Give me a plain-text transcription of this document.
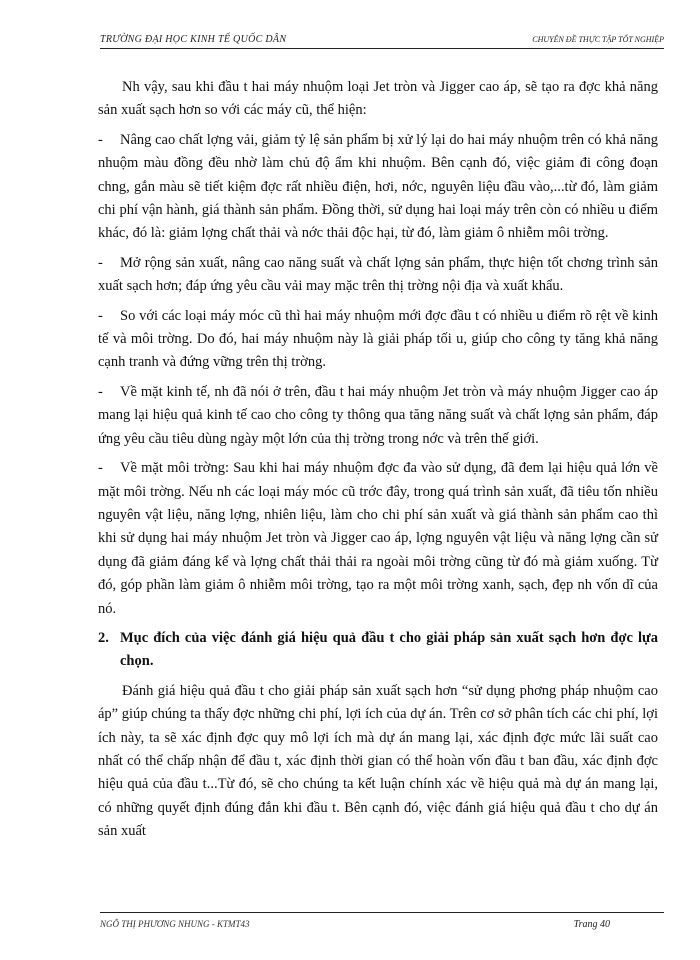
TRƯỜNG ĐẠI HỌC KINH TẾ QUỐC DÂN	CHUYÊN ĐỀ THỰC TẬP TỐT NGHIỆP

Nh vậy, sau khi đầu t hai máy nhuộm loại Jet tròn và Jigger cao áp, sẽ tạo ra đợc khả năng sản xuất sạch hơn so với các máy cũ, thể hiện:

- Nâng cao chất lợng vải, giảm tỷ lệ sản phẩm bị xử lý lại do hai máy nhuộm trên có khả năng nhuộm màu đồng đều nhờ làm chủ độ ẩm khi nhuộm. Bên cạnh đó, việc giảm đi công đoạn chng, gắn màu sẽ tiết kiệm đợc rất nhiều điện, hơi, nớc, nguyên liệu đầu vào,...từ đó, làm giảm chi phí vận hành, giá thành sản phẩm. Đồng thời, sử dụng hai loại máy trên còn có nhiều u điểm khác, đó là: giảm lợng chất thải và nớc thải độc hại, từ đó, làm giảm ô nhiễm môi trờng.

- Mở rộng sản xuất, nâng cao năng suất và chất lợng sản phẩm, thực hiện tốt chơng trình sản xuất sạch hơn; đáp ứng yêu cầu vải may mặc trên thị trờng nội địa và xuất khẩu.

- So với các loại máy móc cũ thì hai máy nhuộm mới đợc đầu t có nhiều u điểm rõ rệt về kinh tế và môi trờng. Do đó, hai máy nhuộm này là giải pháp tối u, giúp cho công ty tăng khả năng cạnh tranh và đứng vững trên thị trờng.

- Về mặt kinh tế, nh đã nói ở trên, đầu t hai máy nhuộm Jet tròn và máy nhuộm Jigger cao áp mang lại hiệu quả kinh tế cao cho công ty thông qua tăng năng suất và chất lợng sản phẩm, đáp ứng yêu cầu tiêu dùng ngày một lớn của thị trờng trong nớc và trên thế giới.

- Về mặt môi trờng: Sau khi hai máy nhuộm đợc đa vào sử dụng, đã đem lại hiệu quả lớn về mặt môi trờng. Nếu nh các loại máy móc cũ trớc đây, trong quá trình sản xuất, đã tiêu tốn nhiều nguyên vật liệu, năng lợng, nhiên liệu, làm cho chi phí sản xuất và giá thành sản phẩm cao thì khi sử dụng hai máy nhuộm Jet tròn và Jigger cao áp, lợng nguyên vật liệu và năng lợng cần sử dụng đã giảm đáng kể và lợng chất thải thải ra ngoài môi trờng cũng từ đó mà giảm xuống. Từ đó, góp phần làm giảm ô nhiễm môi trờng, tạo ra một môi trờng xanh, sạch, đẹp nh vốn dĩ của nó.

2. Mục đích của việc đánh giá hiệu quả đầu t cho giải pháp sản xuất sạch hơn đợc lựa chọn.

Đánh giá hiệu quả đầu t cho giải pháp sản xuất sạch hơn “sử dụng phơng pháp nhuộm cao áp” giúp chúng ta thấy đợc những chi phí, lợi ích của dự án. Trên cơ sở phân tích các chi phí, lợi ích này, ta sẽ xác định đợc quy mô lợi ích mà dự án mang lại, xác định đợc mức lãi suất cao nhất có thể chấp nhận để đầu t, xác định thời gian có thể hoàn vốn đầu t ban đầu, xác định đợc hiệu quả của đầu t...Từ đó, sẽ cho chúng ta kết luận chính xác về hiệu quả mà dự án mang lại, có những quyết định đúng đắn khi đầu t. Bên cạnh đó, việc đánh giá hiệu quả đầu t cho dự án sản xuất

NGÔ THỊ PHƯƠNG NHUNG - KTMT43	Trang 40
